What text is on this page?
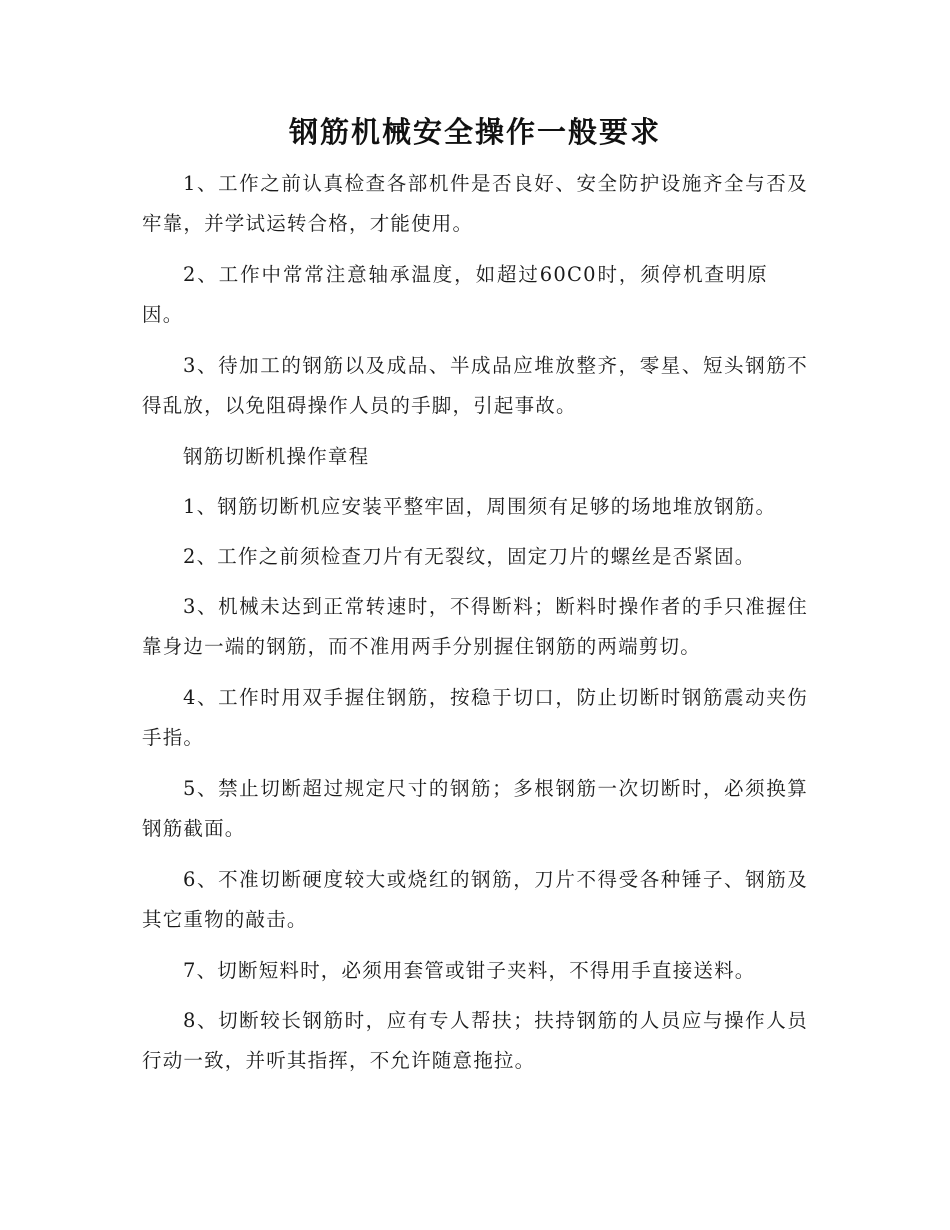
钢筋机械安全操作一般要求

1、工作之前认真检查各部机件是否良好、安全防护设施齐全与否及牢靠，并学试运转合格，才能使用。

2、工作中常常注意轴承温度，如超过60C0时，须停机查明原因。

3、待加工的钢筋以及成品、半成品应堆放整齐，零星、短头钢筋不得乱放，以免阻碍操作人员的手脚，引起事故。

钢筋切断机操作章程

1、钢筋切断机应安装平整牢固，周围须有足够的场地堆放钢筋。

2、工作之前须检查刀片有无裂纹，固定刀片的螺丝是否紧固。

3、机械未达到正常转速时，不得断料；断料时操作者的手只准握住靠身边一端的钢筋，而不准用两手分别握住钢筋的两端剪切。

4、工作时用双手握住钢筋，按稳于切口，防止切断时钢筋震动夹伤手指。

5、禁止切断超过规定尺寸的钢筋；多根钢筋一次切断时，必须换算钢筋截面。

6、不准切断硬度较大或烧红的钢筋，刀片不得受各种锤子、钢筋及其它重物的敲击。

7、切断短料时，必须用套管或钳子夹料，不得用手直接送料。

8、切断较长钢筋时，应有专人帮扶；扶持钢筋的人员应与操作人员行动一致，并听其指挥，不允许随意拖拉。
